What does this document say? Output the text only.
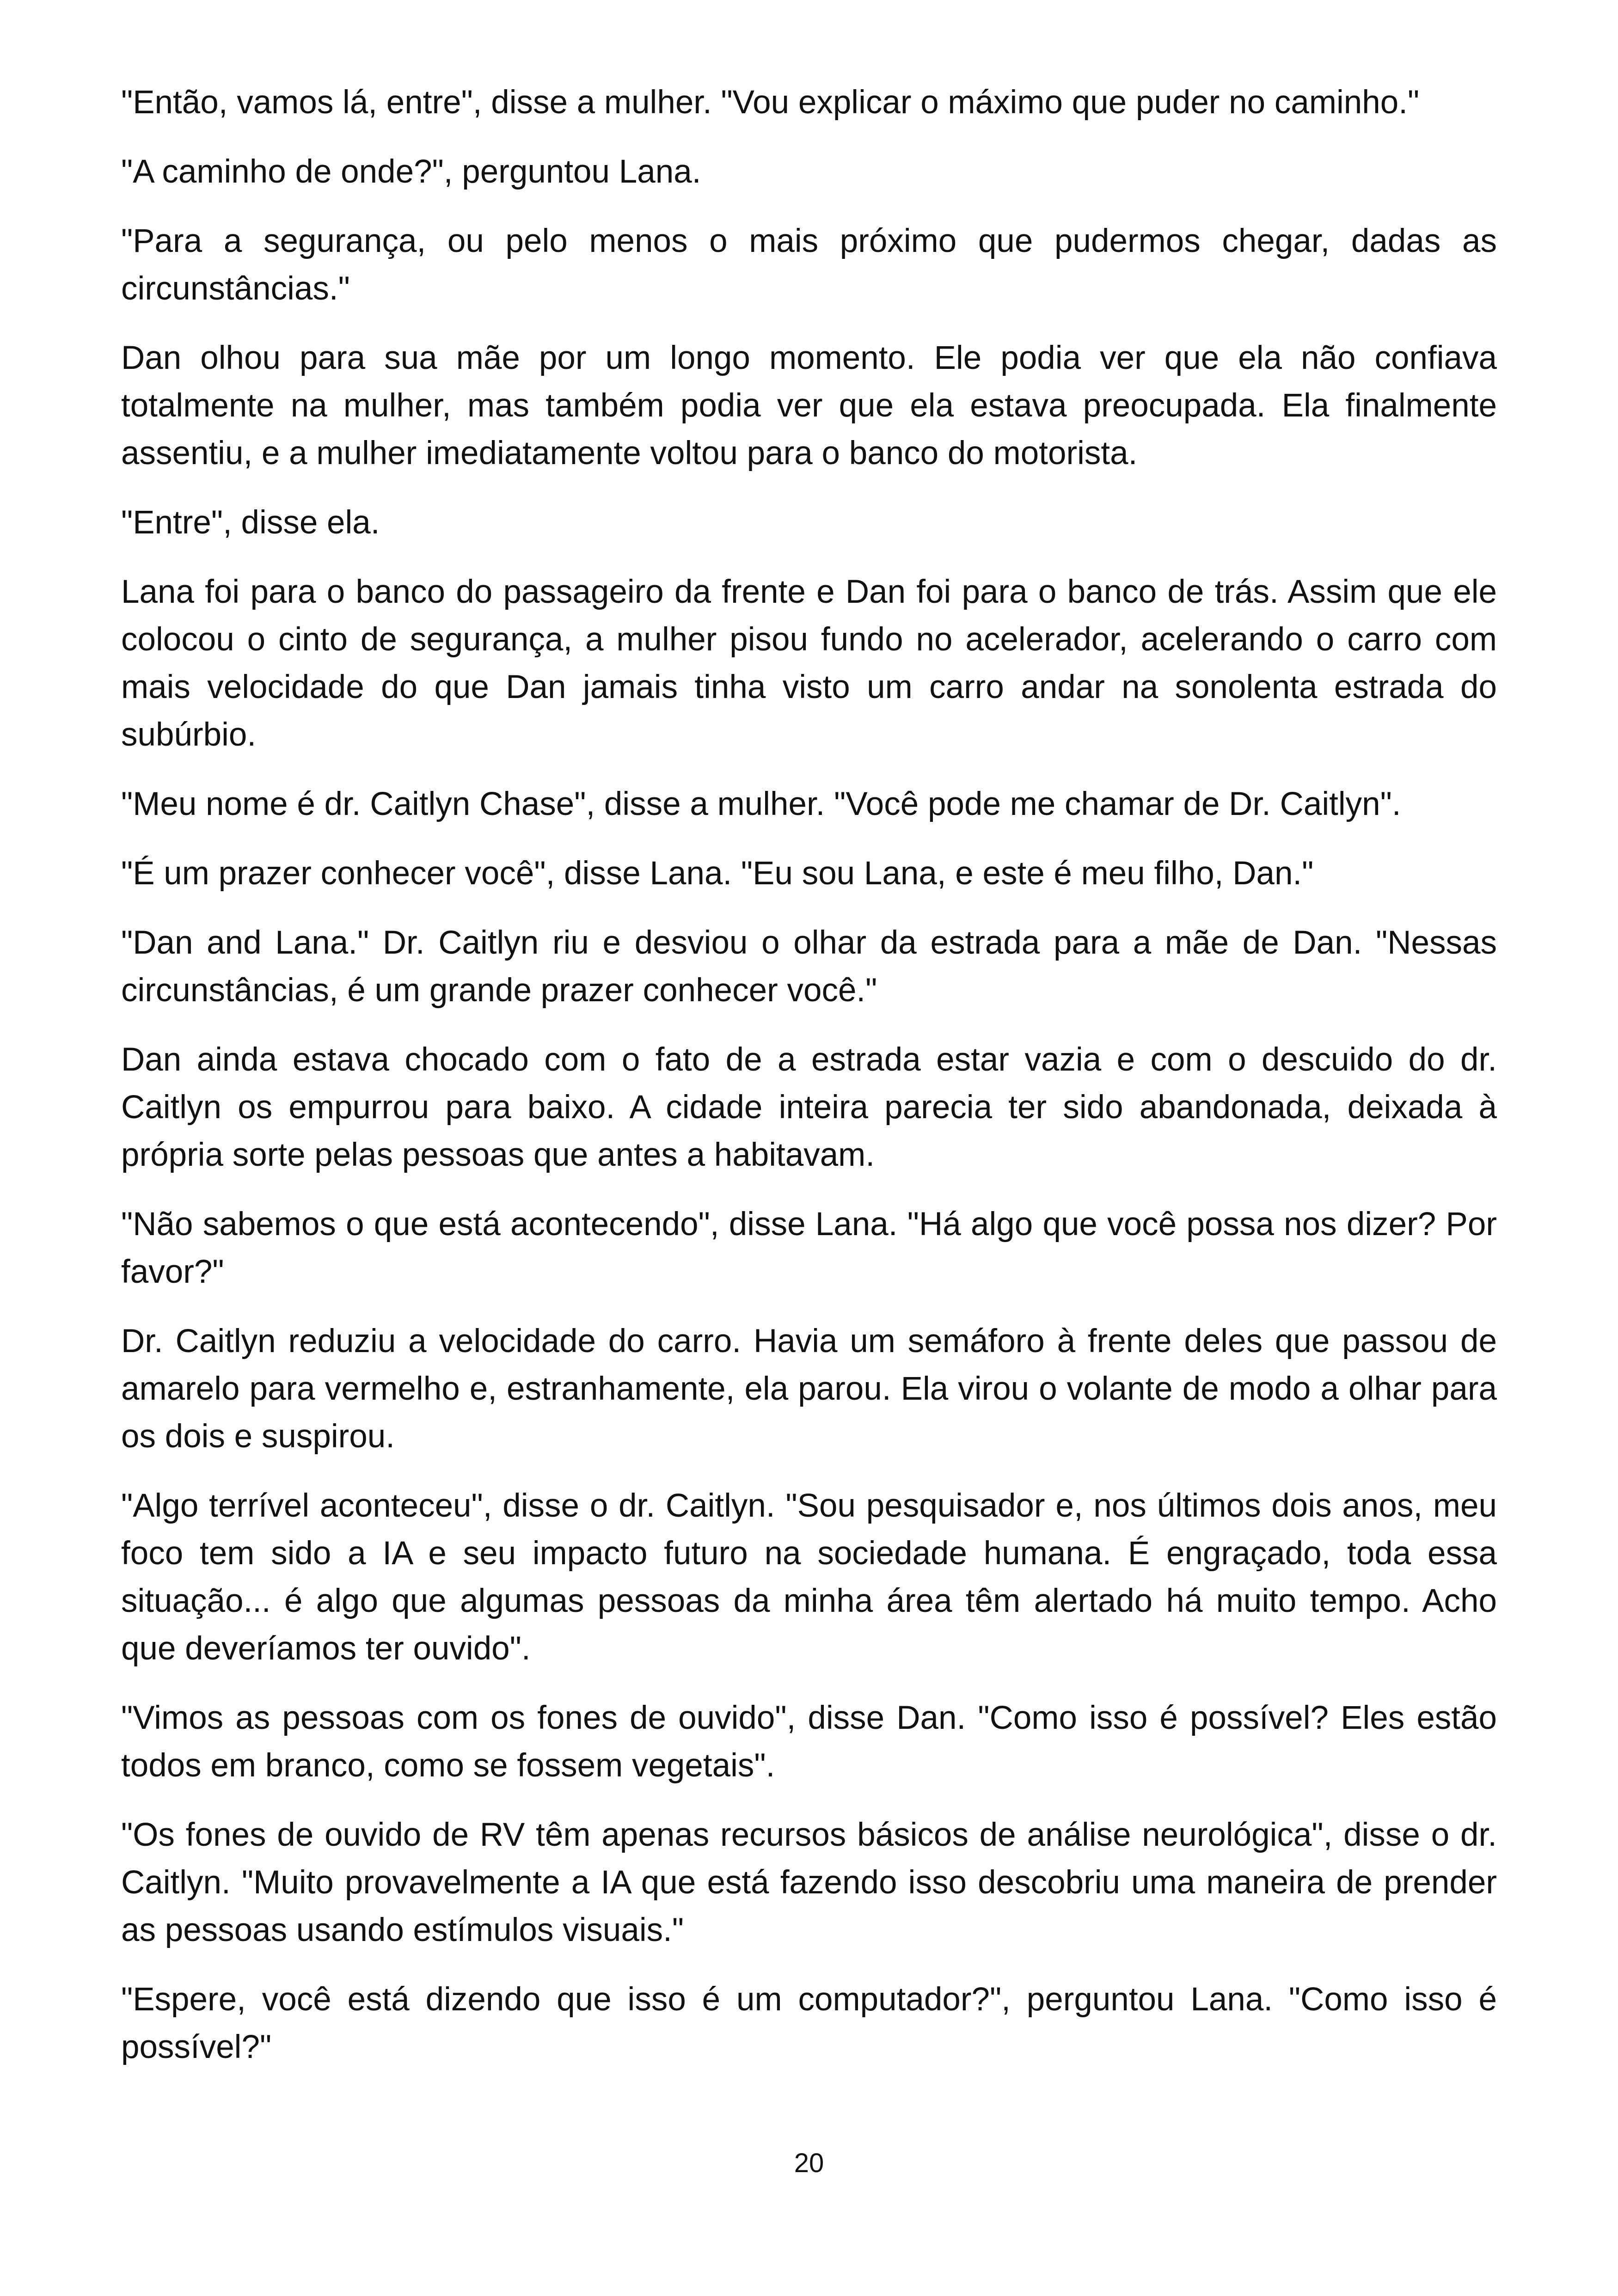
"Então, vamos lá, entre", disse a mulher. "Vou explicar o máximo que puder no caminho."

"A caminho de onde?", perguntou Lana.

"Para a segurança, ou pelo menos o mais próximo que pudermos chegar, dadas as circunstâncias."

Dan olhou para sua mãe por um longo momento. Ele podia ver que ela não confiava totalmente na mulher, mas também podia ver que ela estava preocupada. Ela finalmente assentiu, e a mulher imediatamente voltou para o banco do motorista.

"Entre", disse ela.

Lana foi para o banco do passageiro da frente e Dan foi para o banco de trás. Assim que ele colocou o cinto de segurança, a mulher pisou fundo no acelerador, acelerando o carro com mais velocidade do que Dan jamais tinha visto um carro andar na sonolenta estrada do subúrbio.

"Meu nome é dr. Caitlyn Chase", disse a mulher. "Você pode me chamar de Dr. Caitlyn".

"É um prazer conhecer você", disse Lana. "Eu sou Lana, e este é meu filho, Dan."

"Dan and Lana." Dr. Caitlyn riu e desviou o olhar da estrada para a mãe de Dan. "Nessas circunstâncias, é um grande prazer conhecer você."

Dan ainda estava chocado com o fato de a estrada estar vazia e com o descuido do dr. Caitlyn os empurrou para baixo. A cidade inteira parecia ter sido abandonada, deixada à própria sorte pelas pessoas que antes a habitavam.

"Não sabemos o que está acontecendo", disse Lana. "Há algo que você possa nos dizer? Por favor?"

Dr. Caitlyn reduziu a velocidade do carro. Havia um semáforo à frente deles que passou de amarelo para vermelho e, estranhamente, ela parou. Ela virou o volante de modo a olhar para os dois e suspirou.

"Algo terrível aconteceu", disse o dr. Caitlyn. "Sou pesquisador e, nos últimos dois anos, meu foco tem sido a IA e seu impacto futuro na sociedade humana. É engraçado, toda essa situação... é algo que algumas pessoas da minha área têm alertado há muito tempo. Acho que deveríamos ter ouvido".

"Vimos as pessoas com os fones de ouvido", disse Dan. "Como isso é possível? Eles estão todos em branco, como se fossem vegetais".

"Os fones de ouvido de RV têm apenas recursos básicos de análise neurológica", disse o dr. Caitlyn. "Muito provavelmente a IA que está fazendo isso descobriu uma maneira de prender as pessoas usando estímulos visuais."

"Espere, você está dizendo que isso é um computador?", perguntou Lana. "Como isso é possível?"

20
